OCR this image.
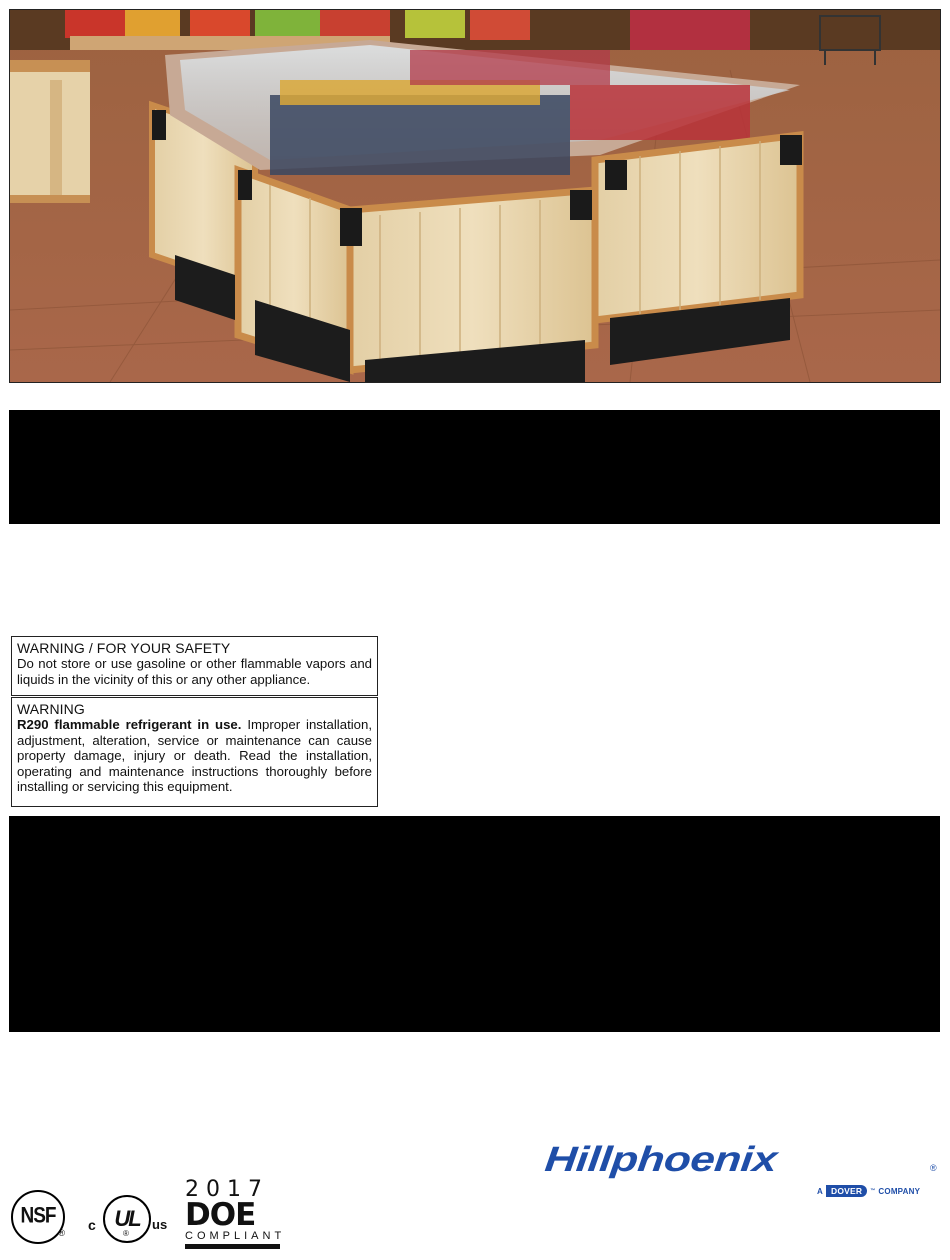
WARNING / FOR YOUR SAFETY
Do not store or use gasoline or other flammable vapors and liquids in the vicinity of this or any other appliance.
WARNING
R290 flammable refrigerant in use. Improper installation, adjustment, alteration, service or maintenance can cause property damage, injury or death. Read the installation, operating and maintenance instructions thoroughly before installing or servicing this equipment.
Hillphoenix	®
A DOVER	™ COMPANY
NSF
® c UL
®
us
2017
DOE
COMPLIANT
